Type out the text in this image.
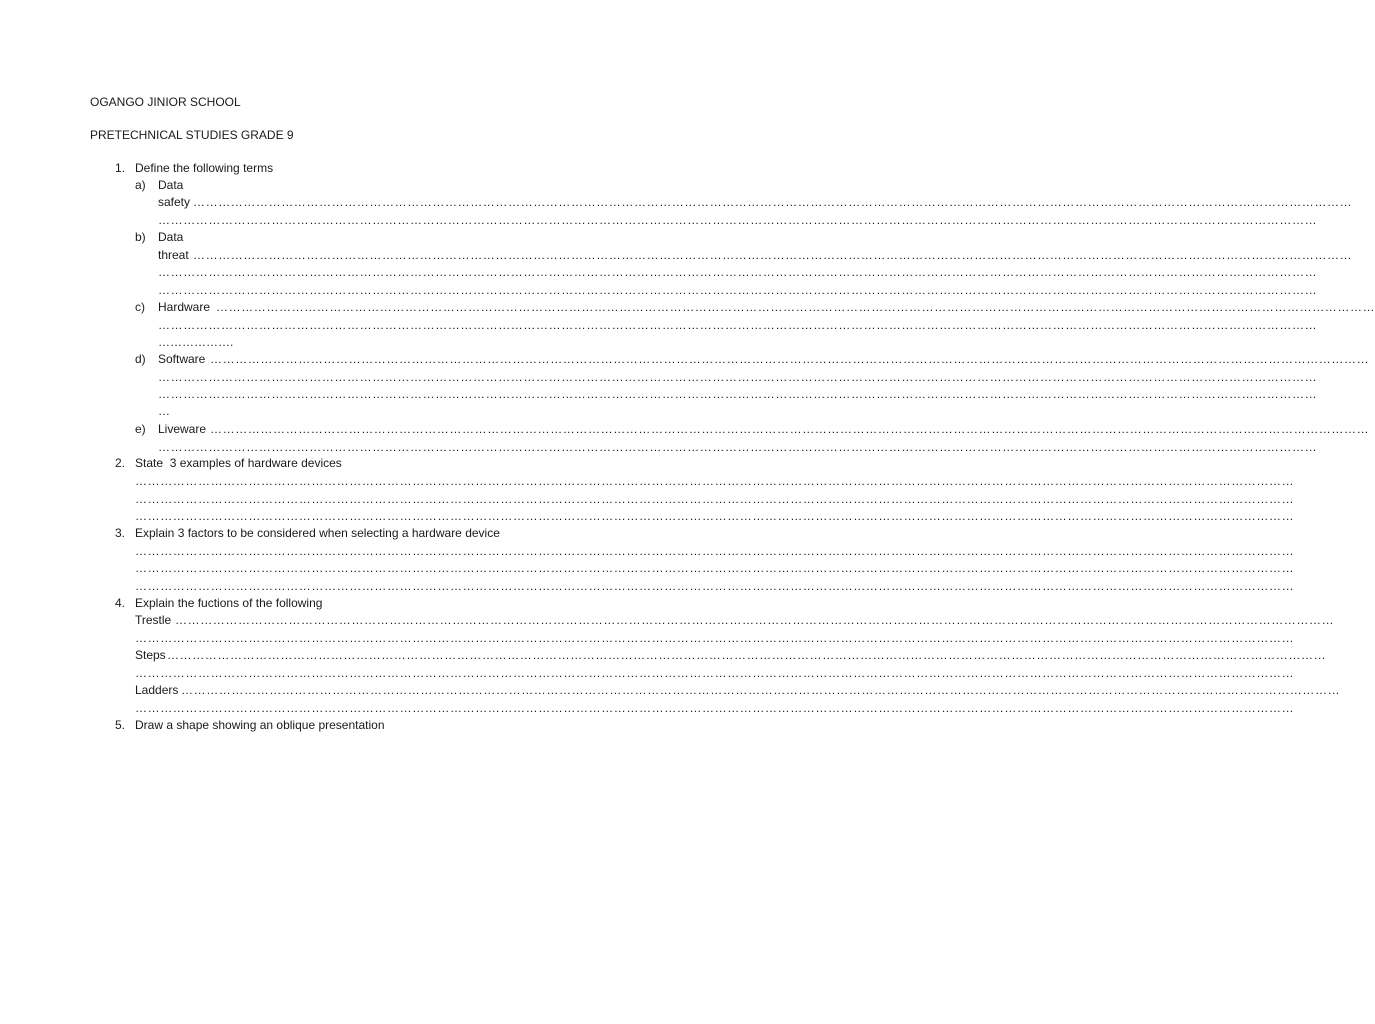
OGANGO JINIOR SCHOOL
PRETECHNICAL STUDIES GRADE 9
1. Define the following terms
a) Data
safety ……………………………………………………………………………………………………………………………………………………………………………………………………………………………………………………
……………………………………………………………………………………………………………………………………………………………………………………………………………………………………………………
b) Data
threat ……………………………………………………………………………………………………………………………………………………………………………………………………………………………………………………
……………………………………………………………………………………………………………………………………………………………………………………………………………………………………………………
……………………………………………………………………………………………………………………………………………………………………………………………………………………………………………………
c) Hardware ……………………………………………………………………………………………………………………………………………………………………………………………………………………………………………………
……………………………………………………………………………………………………………………………………………………………………………………………………………………………………………………
……………….
d) Software ……………………………………………………………………………………………………………………………………………………………………………………………………………………………………………………
……………………………………………………………………………………………………………………………………………………………………………………………………………………………………………………
……………………………………………………………………………………………………………………………………………………………………………………………………………………………………………………
…
e) Liveware ……………………………………………………………………………………………………………………………………………………………………………………………………………………………………………………
……………………………………………………………………………………………………………………………………………………………………………………………………………………………………………………
2. State  3 examples of hardware devices
……………………………………………………………………………………………………………………………………………………………………………………………………………………………………………………
……………………………………………………………………………………………………………………………………………………………………………………………………………………………………………………
……………………………………………………………………………………………………………………………………………………………………………………………………………………………………………………
3. Explain 3 factors to be considered when selecting a hardware device
……………………………………………………………………………………………………………………………………………………………………………………………………………………………………………………
……………………………………………………………………………………………………………………………………………………………………………………………………………………………………………………
……………………………………………………………………………………………………………………………………………………………………………………………………………………………………………………
4. Explain the fuctions of the following
Trestle ……………………………………………………………………………………………………………………………………………………………………………………………………………………………………………………
……………………………………………………………………………………………………………………………………………………………………………………………………………………………………………………
Steps ……………………………………………………………………………………………………………………………………………………………………………………………………………………………………………………
……………………………………………………………………………………………………………………………………………………………………………………………………………………………………………………
Ladders ……………………………………………………………………………………………………………………………………………………………………………………………………………………………………………………
……………………………………………………………………………………………………………………………………………………………………………………………………………………………………………………
5. Draw a shape showing an oblique presentation
